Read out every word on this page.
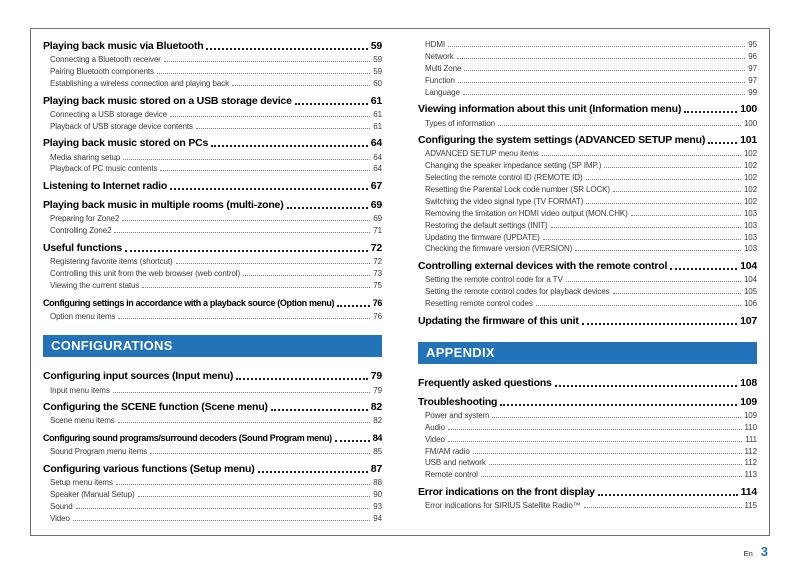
Playing back music via Bluetooth	59
Connecting a Bluetooth receiver	59
Pairing Bluetooth components	59
Establishing a wireless connection and playing back	60
Playing back music stored on a USB storage device	61
Connecting a USB storage device	61
Playback of USB storage device contents	61
Playing back music stored on PCs	64
Media sharing setup	64
Playback of PC music contents	64
Listening to Internet radio	67
Playing back music in multiple rooms (multi-zone)	69
Preparing for Zone2	69
Controlling Zone2	71
Useful functions	72
Registering favorite items (shortcut)	72
Controlling this unit from the web browser (web control)	73
Viewing the current status	75
Configuring settings in accordance with a playback source (Option menu)	76
Option menu items	76
CONFIGURATIONS
Configuring input sources (Input menu)	79
Input menu items	79
Configuring the SCENE function (Scene menu)	82
Scene menu items	82
Configuring sound programs/surround decoders (Sound Program menu)	84
Sound Program menu items	85
Configuring various functions (Setup menu)	87
Setup menu items	88
Speaker (Manual Setup)	90
Sound	93
Video	94
HDMI	95
Network	96
Multi Zone	97
Function	97
Language	99
Viewing information about this unit (Information menu)	100
Types of information	100
Configuring the system settings (ADVANCED SETUP menu)	101
ADVANCED SETUP menu items	102
Changing the speaker impedance setting (SP IMP.)	102
Selecting the remote control ID (REMOTE ID)	102
Resetting the Parental Lock code number (SR LOCK)	102
Switching the video signal type (TV FORMAT)	102
Removing the limitation on HDMI video output (MON.CHK)	103
Restoring the default settings (INIT)	103
Updating the firmware (UPDATE)	103
Checking the firmware version (VERSION)	103
Controlling external devices with the remote control	104
Setting the remote control code for a TV	104
Setting the remote control codes for playback devices	105
Resetting remote control codes	106
Updating the firmware of this unit	107
APPENDIX
Frequently asked questions	108
Troubleshooting	109
Power and system	109
Audio	110
Video	111
FM/AM radio	112
USB and network	112
Remote control	113
Error indications on the front display	114
Error indications for SIRIUS Satellite Radio™	115
En 3
